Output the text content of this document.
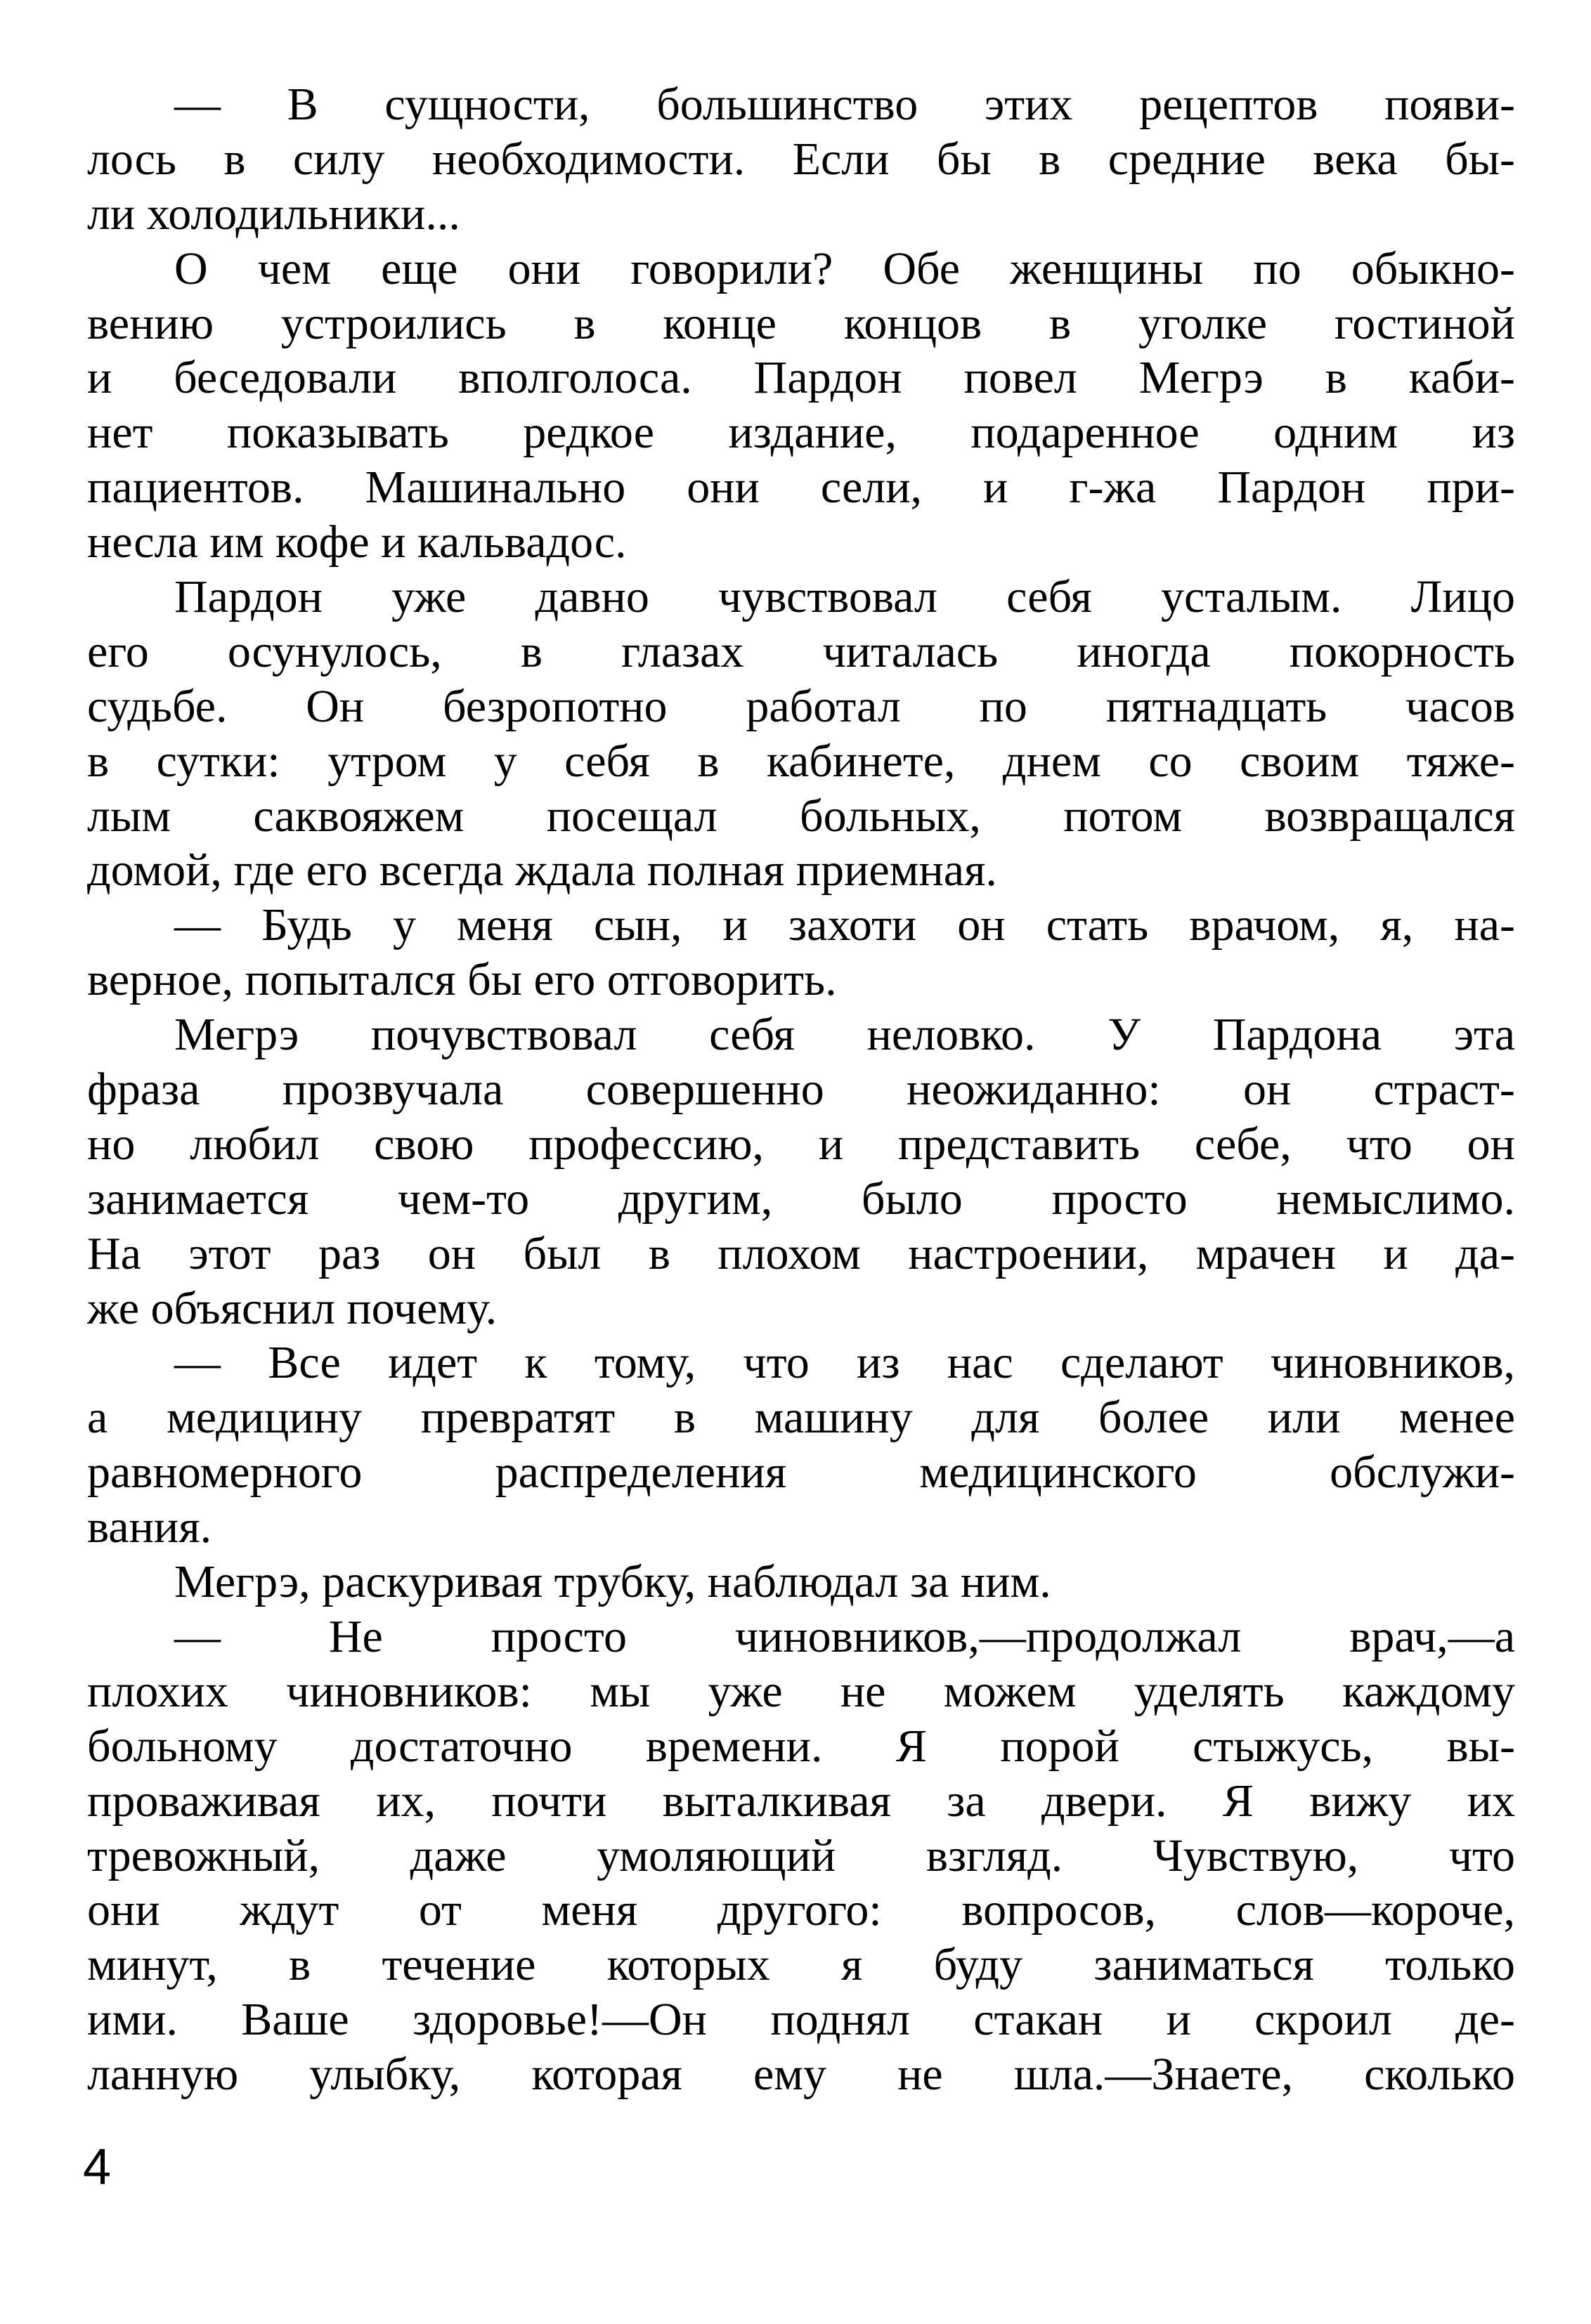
— В сущности, большинство этих рецептов появи-
лось в силу необходимости. Если бы в средние века бы-
ли холодильники...
О чем еще они говорили? Обе женщины по обыкно-
вению устроились в конце концов в уголке гостиной
и беседовали вполголоса. Пардон повел Мегрэ в каби-
нет показывать редкое издание, подаренное одним из
пациентов. Машинально они сели, и г-жа Пардон при-
несла им кофе и кальвадос.
Пардон уже давно чувствовал себя усталым. Лицо
его осунулось, в глазах читалась иногда покорность
судьбе. Он безропотно работал по пятнадцать часов
в сутки: утром у себя в кабинете, днем со своим тяже-
лым саквояжем посещал больных, потом возвращался
домой, где его всегда ждала полная приемная.
— Будь у меня сын, и захоти он стать врачом, я, на-
верное, попытался бы его отговорить.
Мегрэ почувствовал себя неловко. У Пардона эта
фраза прозвучала совершенно неожиданно: он страст-
но любил свою профессию, и представить себе, что он
занимается чем-то другим, было просто немыслимо.
На этот раз он был в плохом настроении, мрачен и да-
же объяснил почему.
— Все идет к тому, что из нас сделают чиновников,
а медицину превратят в машину для более или менее
равномерного распределения медицинского обслужи-
вания.
Мегрэ, раскуривая трубку, наблюдал за ним.
— Не просто чиновников,—продолжал врач,—а
плохих чиновников: мы уже не можем уделять каждому
больному достаточно времени. Я порой стыжусь, вы-
проваживая их, почти выталкивая за двери. Я вижу их
тревожный, даже умоляющий взгляд. Чувствую, что
они ждут от меня другого: вопросов, слов—короче,
минут, в течение которых я буду заниматься только
ими. Ваше здоровье!—Он поднял стакан и скроил де-
ланную улыбку, которая ему не шла.—Знаете, сколько
4
